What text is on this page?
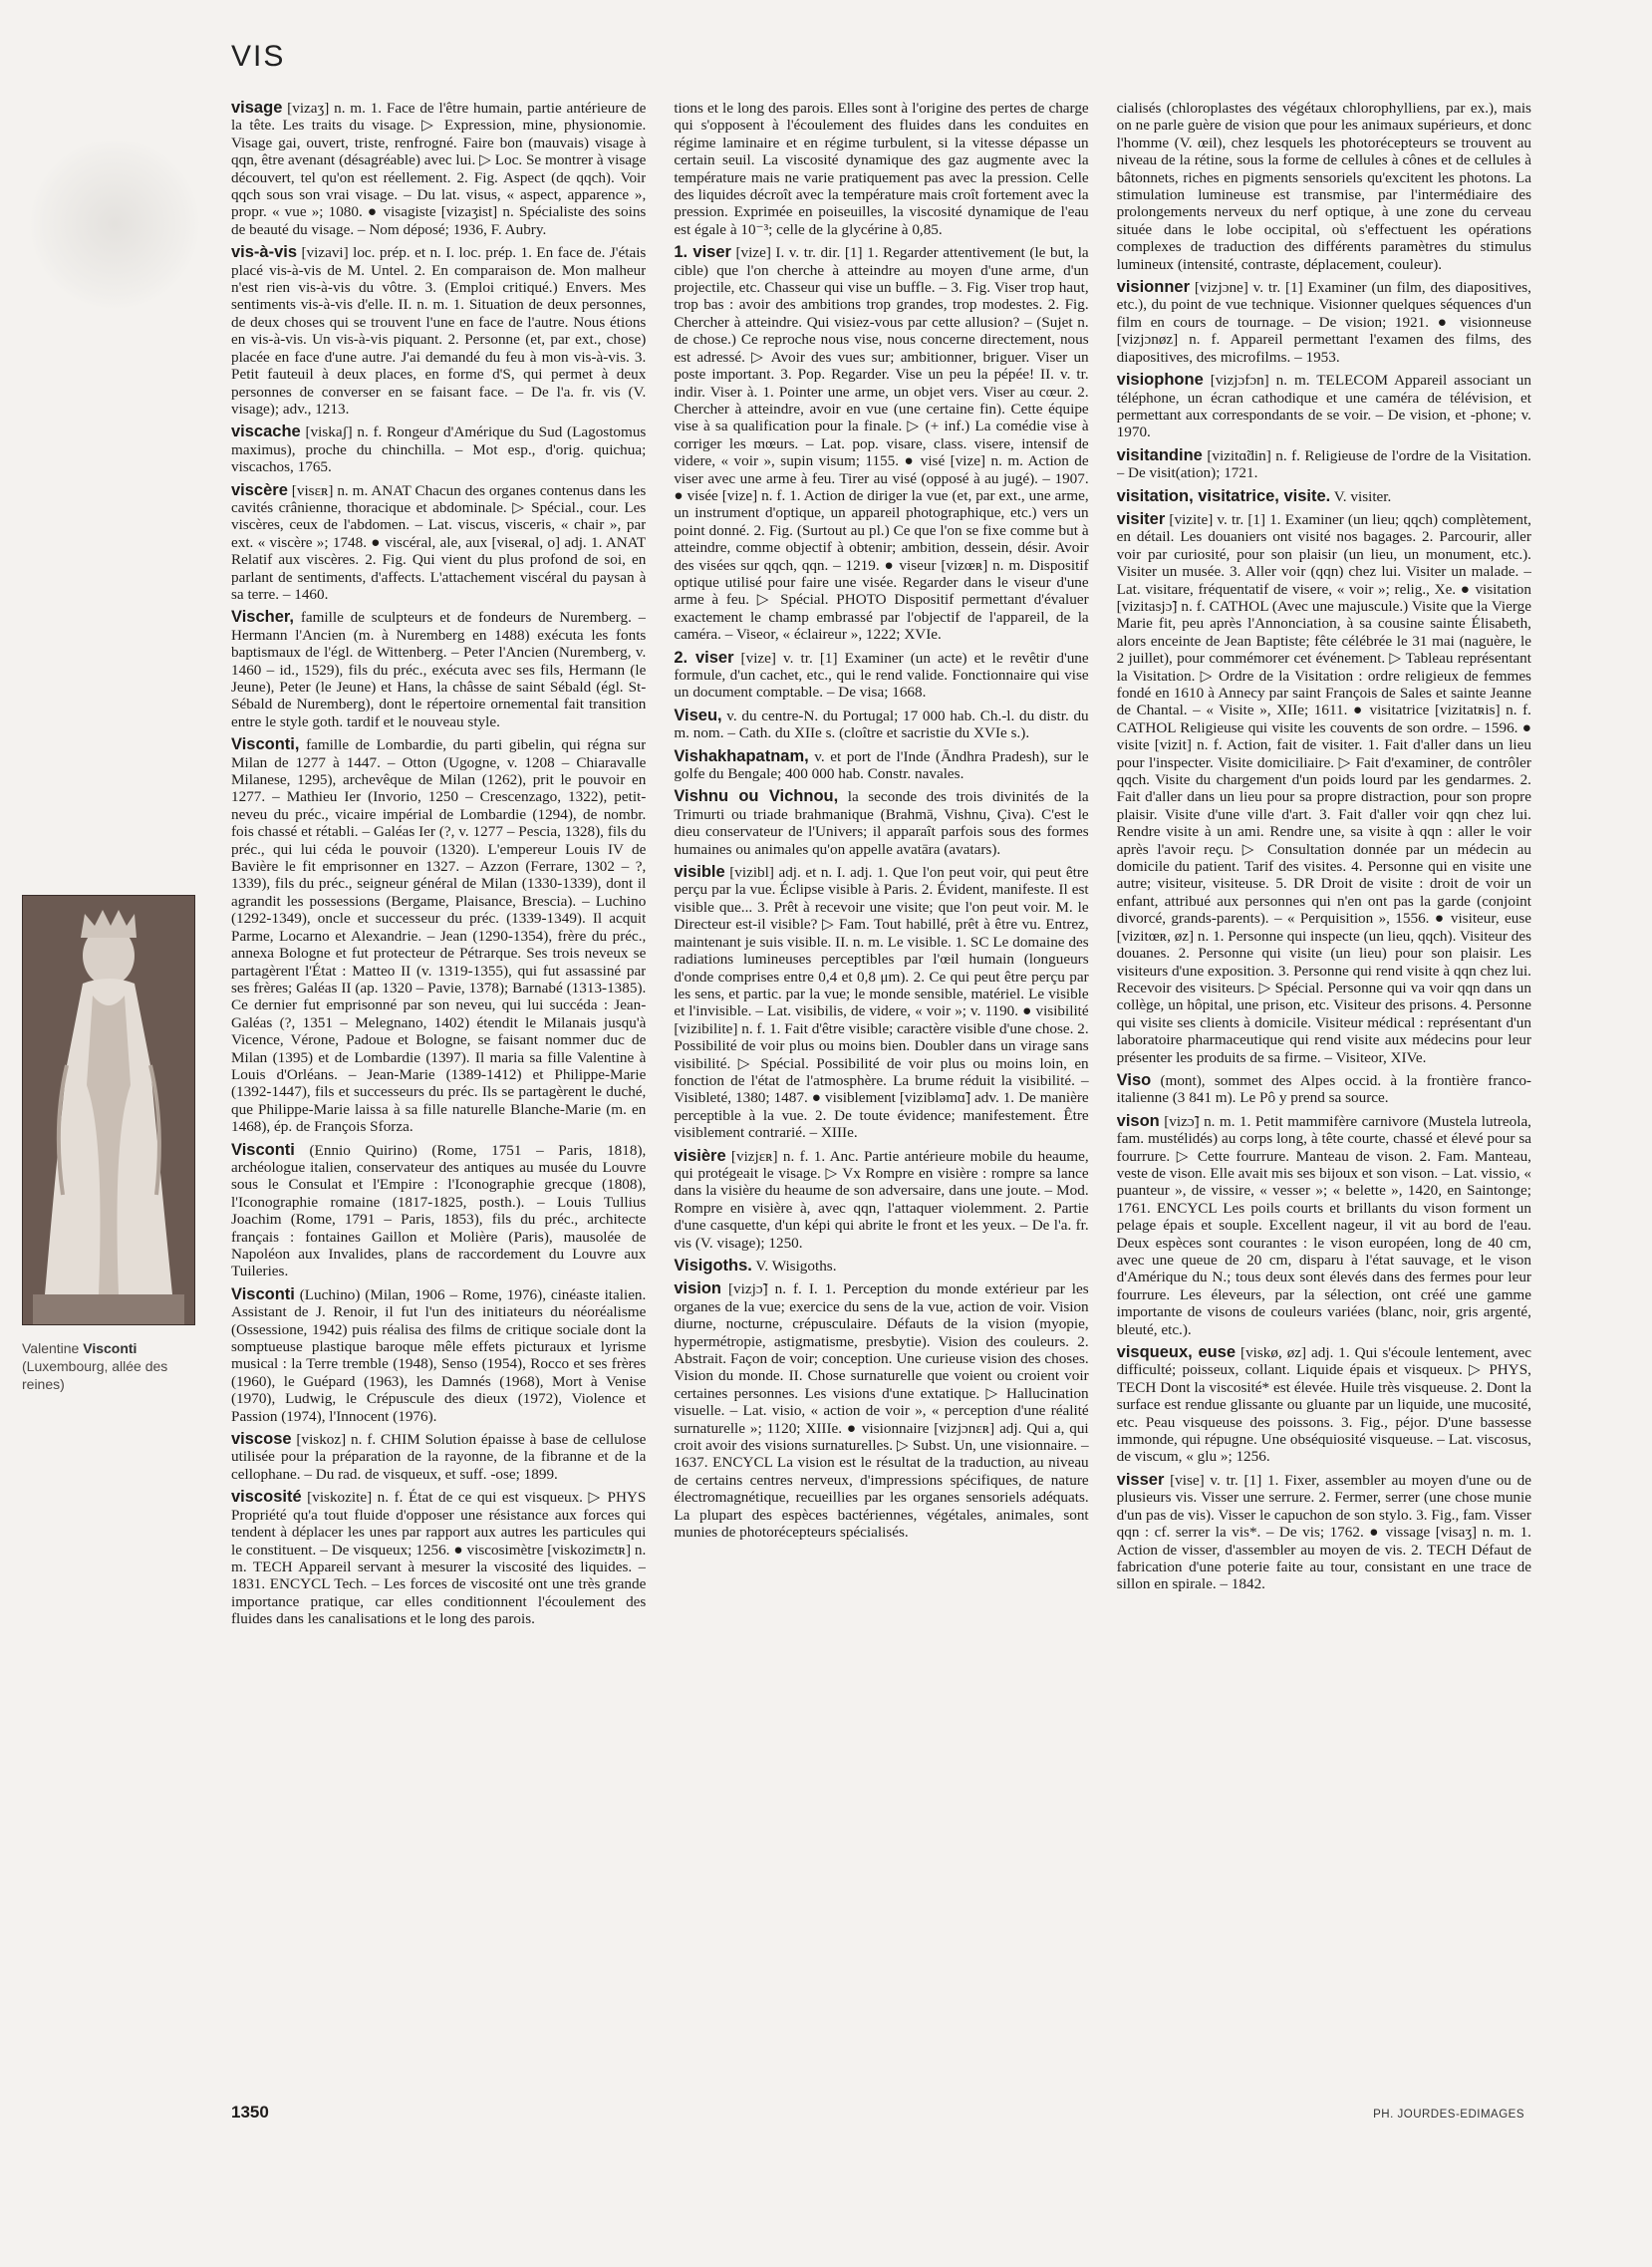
VIS
Valentine Visconti
(Luxembourg, allée des reines)

visage [vizaʒ] n. m. 1. Face de l'être humain, partie antérieure de la tête. Les traits du visage. ▷ Expression, mine, physionomie. Visage gai, ouvert, triste, renfrogné. Faire bon (mauvais) visage à qqn, être avenant (désagréable) avec lui. ▷ Loc. Se montrer à visage découvert, tel qu'on est réellement. 2. Fig. Aspect (de qqch). Voir qqch sous son vrai visage. – Du lat. visus, « aspect, apparence », propr. « vue »; 1080. ● visagiste [vizaʒist] n. Spécialiste des soins de beauté du visage. – Nom déposé; 1936, F. Aubry.

vis-à-vis [vizavi] loc. prép. et n. I. loc. prép. 1. En face de. J'étais placé vis-à-vis de M. Untel. 2. En comparaison de. Mon malheur n'est rien vis-à-vis du vôtre. 3. (Emploi critiqué.) Envers. Mes sentiments vis-à-vis d'elle. II. n. m. 1. Situation de deux personnes, de deux choses qui se trouvent l'une en face de l'autre. Nous étions en vis-à-vis. Un vis-à-vis piquant. 2. Personne (et, par ext., chose) placée en face d'une autre. J'ai demandé du feu à mon vis-à-vis. 3. Petit fauteuil à deux places, en forme d'S, qui permet à deux personnes de converser en se faisant face. – De l'a. fr. vis (V. visage); adv., 1213.

viscache [viskaʃ] n. f. Rongeur d'Amérique du Sud (Lagostomus maximus), proche du chinchilla. – Mot esp., d'orig. quichua; viscachos, 1765.

viscère [visɛʀ] n. m. ANAT Chacun des organes contenus dans les cavités crânienne, thoracique et abdominale. ▷ Spécial., cour. Les viscères, ceux de l'abdomen. – Lat. viscus, visceris, « chair », par ext. « viscère »; 1748. ● viscéral, ale, aux [viseʀal, o] adj. 1. ANAT Relatif aux viscères. 2. Fig. Qui vient du plus profond de soi, en parlant de sentiments, d'affects. L'attachement viscéral du paysan à sa terre. – 1460.

Vischer, famille de sculpteurs et de fondeurs de Nuremberg. – Hermann l'Ancien (m. à Nuremberg en 1488) exécuta les fonts baptismaux de l'égl. de Wittenberg. – Peter l'Ancien (Nuremberg, v. 1460 – id., 1529), fils du préc., exécuta avec ses fils, Hermann (le Jeune), Peter (le Jeune) et Hans, la châsse de saint Sébald (égl. St-Sébald de Nuremberg), dont le répertoire ornemental fait transition entre le style goth. tardif et le nouveau style.

Visconti, famille de Lombardie, du parti gibelin, qui régna sur Milan de 1277 à 1447. – Otton (Ugogne, v. 1208 – Chiaravalle Milanese, 1295), archevêque de Milan (1262), prit le pouvoir en 1277. – Mathieu Ier (Invorio, 1250 – Crescenzago, 1322), petit-neveu du préc., vicaire impérial de Lombardie (1294), de nombr. fois chassé et rétabli. – Galéas Ier (?, v. 1277 – Pescia, 1328), fils du préc., qui lui céda le pouvoir (1320). L'empereur Louis IV de Bavière le fit emprisonner en 1327. – Azzon (Ferrare, 1302 – ?, 1339), fils du préc., seigneur général de Milan (1330-1339), dont il agrandit les possessions (Bergame, Plaisance, Brescia). – Luchino (1292-1349), oncle et successeur du préc. (1339-1349). Il acquit Parme, Locarno et Alexandrie. – Jean (1290-1354), frère du préc., annexa Bologne et fut protecteur de Pétrarque. Ses trois neveux se partagèrent l'État : Matteo II (v. 1319-1355), qui fut assassiné par ses frères; Galéas II (ap. 1320 – Pavie, 1378); Barnabé (1313-1385). Ce dernier fut emprisonné par son neveu, qui lui succéda : Jean-Galéas (?, 1351 – Melegnano, 1402) étendit le Milanais jusqu'à Vicence, Vérone, Padoue et Bologne, se faisant nommer duc de Milan (1395) et de Lombardie (1397). Il maria sa fille Valentine à Louis d'Orléans. – Jean-Marie (1389-1412) et Philippe-Marie (1392-1447), fils et successeurs du préc. Ils se partagèrent le duché, que Philippe-Marie laissa à sa fille naturelle Blanche-Marie (m. en 1468), ép. de François Sforza.

Visconti (Ennio Quirino) (Rome, 1751 – Paris, 1818), archéologue italien, conservateur des antiques au musée du Louvre sous le Consulat et l'Empire : l'Iconographie grecque (1808), l'Iconographie romaine (1817-1825, posth.). – Louis Tullius Joachim (Rome, 1791 – Paris, 1853), fils du préc., architecte français : fontaines Gaillon et Molière (Paris), mausolée de Napoléon aux Invalides, plans de raccordement du Louvre aux Tuileries.

Visconti (Luchino) (Milan, 1906 – Rome, 1976), cinéaste italien. Assistant de J. Renoir, il fut l'un des initiateurs du néoréalisme (Ossessione, 1942) puis réalisa des films de critique sociale dont la somptueuse plastique baroque mêle effets picturaux et lyrisme musical : la Terre tremble (1948), Senso (1954), Rocco et ses frères (1960), le Guépard (1963), les Damnés (1968), Mort à Venise (1970), Ludwig, le Crépuscule des dieux (1972), Violence et Passion (1974), l'Innocent (1976).

viscose [viskoz] n. f. CHIM Solution épaisse à base de cellulose utilisée pour la préparation de la rayonne, de la fibranne et de la cellophane. – Du rad. de visqueux, et suff. -ose; 1899.

viscosité [viskozite] n. f. État de ce qui est visqueux. ▷ PHYS Propriété qu'a tout fluide d'opposer une résistance aux forces qui tendent à déplacer les unes par rapport aux autres les particules qui le constituent. – De visqueux; 1256. ● viscosimètre [viskozimɛtʀ] n. m. TECH Appareil servant à mesurer la viscosité des liquides. – 1831. ENCYCL Tech. – Les forces de viscosité ont une très grande importance pratique, car elles conditionnent l'écoulement des fluides dans les canalisations et le long des parois.

tions et le long des parois. Elles sont à l'origine des pertes de charge qui s'opposent à l'écoulement des fluides dans les conduites en régime laminaire et en régime turbulent, si la vitesse dépasse un certain seuil. La viscosité dynamique des gaz augmente avec la température mais ne varie pratiquement pas avec la pression. Celle des liquides décroît avec la température mais croît fortement avec la pression. Exprimée en poiseuilles, la viscosité dynamique de l'eau est égale à 10⁻³; celle de la glycérine à 0,85.

1. viser [vize] I. v. tr. dir. [1] 1. Regarder attentivement (le but, la cible) que l'on cherche à atteindre au moyen d'une arme, d'un projectile, etc. Chasseur qui vise un buffle. – 3. Fig. Viser trop haut, trop bas : avoir des ambitions trop grandes, trop modestes. 2. Fig. Chercher à atteindre. Qui visiez-vous par cette allusion? – (Sujet n. de chose.) Ce reproche nous vise, nous concerne directement, nous est adressé. ▷ Avoir des vues sur; ambitionner, briguer. Viser un poste important. 3. Pop. Regarder. Vise un peu la pépée! II. v. tr. indir. Viser à. 1. Pointer une arme, un objet vers. Viser au cœur. 2. Chercher à atteindre, avoir en vue (une certaine fin). Cette équipe vise à sa qualification pour la finale. ▷ (+ inf.) La comédie vise à corriger les mœurs. – Lat. pop. visare, class. visere, intensif de videre, « voir », supin visum; 1155. ● visé [vize] n. m. Action de viser avec une arme à feu. Tirer au visé (opposé à au jugé). – 1907. ● visée [vize] n. f. 1. Action de diriger la vue (et, par ext., une arme, un instrument d'optique, un appareil photographique, etc.) vers un point donné. 2. Fig. (Surtout au pl.) Ce que l'on se fixe comme but à atteindre, comme objectif à obtenir; ambition, dessein, désir. Avoir des visées sur qqch, qqn. – 1219. ● viseur [vizœʀ] n. m. Dispositif optique utilisé pour faire une visée. Regarder dans le viseur d'une arme à feu. ▷ Spécial. PHOTO Dispositif permettant d'évaluer exactement le champ embrassé par l'objectif de l'appareil, de la caméra. – Viseor, « éclaireur », 1222; XVIe.

2. viser [vize] v. tr. [1] Examiner (un acte) et le revêtir d'une formule, d'un cachet, etc., qui le rend valide. Fonctionnaire qui vise un document comptable. – De visa; 1668.

Viseu, v. du centre-N. du Portugal; 17 000 hab. Ch.-l. du distr. du m. nom. – Cath. du XIIe s. (cloître et sacristie du XVIe s.).

Vishakhapatnam, v. et port de l'Inde (Āndhra Pradesh), sur le golfe du Bengale; 400 000 hab. Constr. navales.

Vishnu ou Vichnou, la seconde des trois divinités de la Trimurti ou triade brahmanique (Brahmā, Vishnu, Çiva). C'est le dieu conservateur de l'Univers; il apparaît parfois sous des formes humaines ou animales qu'on appelle avatāra (avatars).

visible [vizibl] adj. et n. I. adj. 1. Que l'on peut voir, qui peut être perçu par la vue. Éclipse visible à Paris. 2. Évident, manifeste. Il est visible que... 3. Prêt à recevoir une visite; que l'on peut voir. M. le Directeur est-il visible? ▷ Fam. Tout habillé, prêt à être vu. Entrez, maintenant je suis visible. II. n. m. Le visible. 1. SC Le domaine des radiations lumineuses perceptibles par l'œil humain (longueurs d'onde comprises entre 0,4 et 0,8 μm). 2. Ce qui peut être perçu par les sens, et partic. par la vue; le monde sensible, matériel. Le visible et l'invisible. – Lat. visibilis, de videre, « voir »; v. 1190. ● visibilité [vizibilite] n. f. 1. Fait d'être visible; caractère visible d'une chose. 2. Possibilité de voir plus ou moins bien. Doubler dans un virage sans visibilité. ▷ Spécial. Possibilité de voir plus ou moins loin, en fonction de l'état de l'atmosphère. La brume réduit la visibilité. – Visibleté, 1380; 1487. ● visiblement [viziblәmɑ̃] adv. 1. De manière perceptible à la vue. 2. De toute évidence; manifestement. Être visiblement contrarié. – XIIIe.

visière [vizjɛʀ] n. f. 1. Anc. Partie antérieure mobile du heaume, qui protégeait le visage. ▷ Vx Rompre en visière : rompre sa lance dans la visière du heaume de son adversaire, dans une joute. – Mod. Rompre en visière à, avec qqn, l'attaquer violemment. 2. Partie d'une casquette, d'un képi qui abrite le front et les yeux. – De l'a. fr. vis (V. visage); 1250.

Visigoths. V. Wisigoths.

vision [vizjɔ̃] n. f. I. 1. Perception du monde extérieur par les organes de la vue; exercice du sens de la vue, action de voir. Vision diurne, nocturne, crépusculaire. Défauts de la vision (myopie, hypermétropie, astigmatisme, presbytie). Vision des couleurs. 2. Abstrait. Façon de voir; conception. Une curieuse vision des choses. Vision du monde. II. Chose surnaturelle que voient ou croient voir certaines personnes. Les visions d'une extatique. ▷ Hallucination visuelle. – Lat. visio, « action de voir », « perception d'une réalité surnaturelle »; 1120; XIIIe. ● visionnaire [vizjɔnɛʀ] adj. Qui a, qui croit avoir des visions surnaturelles. ▷ Subst. Un, une visionnaire. – 1637. ENCYCL La vision est le résultat de la traduction, au niveau de certains centres nerveux, d'impressions spécifiques, de nature électromagnétique, recueillies par les organes sensoriels adéquats. La plupart des espèces bactériennes, végétales, animales, sont munies de photorécepteurs spécialisés.

cialisés (chloroplastes des végétaux chlorophylliens, par ex.), mais on ne parle guère de vision que pour les animaux supérieurs, et donc l'homme (V. œil), chez lesquels les photorécepteurs se trouvent au niveau de la rétine, sous la forme de cellules à cônes et de cellules à bâtonnets, riches en pigments sensoriels qu'excitent les photons. La stimulation lumineuse est transmise, par l'intermédiaire des prolongements nerveux du nerf optique, à une zone du cerveau située dans le lobe occipital, où s'effectuent les opérations complexes de traduction des différents paramètres du stimulus lumineux (intensité, contraste, déplacement, couleur).

visionner [vizjɔne] v. tr. [1] Examiner (un film, des diapositives, etc.), du point de vue technique. Visionner quelques séquences d'un film en cours de tournage. – De vision; 1921. ● visionneuse [vizjɔnøz] n. f. Appareil permettant l'examen des films, des diapositives, des microfilms. – 1953.

visiophone [vizjɔfɔn] n. m. TELECOM Appareil associant un téléphone, un écran cathodique et une caméra de télévision, et permettant aux correspondants de se voir. – De vision, et -phone; v. 1970.

visitandine [vizitɑ̃din] n. f. Religieuse de l'ordre de la Visitation. – De visit(ation); 1721.

visitation, visitatrice, visite. V. visiter.

visiter [vizite] v. tr. [1] 1. Examiner (un lieu; qqch) complètement, en détail. Les douaniers ont visité nos bagages. 2. Parcourir, aller voir par curiosité, pour son plaisir (un lieu, un monument, etc.). Visiter un musée. 3. Aller voir (qqn) chez lui. Visiter un malade. – Lat. visitare, fréquentatif de visere, « voir »; relig., Xe. ● visitation [vizitasjɔ̃] n. f. CATHOL (Avec une majuscule.) Visite que la Vierge Marie fit, peu après l'Annonciation, à sa cousine sainte Élisabeth, alors enceinte de Jean Baptiste; fête célébrée le 31 mai (naguère, le 2 juillet), pour commémorer cet événement. ▷ Tableau représentant la Visitation. ▷ Ordre de la Visitation : ordre religieux de femmes fondé en 1610 à Annecy par saint François de Sales et sainte Jeanne de Chantal. – « Visite », XIIe; 1611. ● visitatrice [vizitatʀis] n. f. CATHOL Religieuse qui visite les couvents de son ordre. – 1596. ● visite [vizit] n. f. Action, fait de visiter. 1. Fait d'aller dans un lieu pour l'inspecter. Visite domiciliaire. ▷ Fait d'examiner, de contrôler qqch. Visite du chargement d'un poids lourd par les gendarmes. 2. Fait d'aller dans un lieu pour sa propre distraction, pour son propre plaisir. Visite d'une ville d'art. 3. Fait d'aller voir qqn chez lui. Rendre visite à un ami. Rendre une, sa visite à qqn : aller le voir après l'avoir reçu. ▷ Consultation donnée par un médecin au domicile du patient. Tarif des visites. 4. Personne qui en visite une autre; visiteur, visiteuse. 5. DR Droit de visite : droit de voir un enfant, attribué aux personnes qui n'en ont pas la garde (conjoint divorcé, grands-parents). – « Perquisition », 1556. ● visiteur, euse [vizitœʀ, øz] n. 1. Personne qui inspecte (un lieu, qqch). Visiteur des douanes. 2. Personne qui visite (un lieu) pour son plaisir. Les visiteurs d'une exposition. 3. Personne qui rend visite à qqn chez lui. Recevoir des visiteurs. ▷ Spécial. Personne qui va voir qqn dans un collège, un hôpital, une prison, etc. Visiteur des prisons. 4. Personne qui visite ses clients à domicile. Visiteur médical : représentant d'un laboratoire pharmaceutique qui rend visite aux médecins pour leur présenter les produits de sa firme. – Visiteor, XIVe.

Viso (mont), sommet des Alpes occid. à la frontière franco-italienne (3 841 m). Le Pô y prend sa source.

vison [vizɔ̃] n. m. 1. Petit mammifère carnivore (Mustela lutreola, fam. mustélidés) au corps long, à tête courte, chassé et élevé pour sa fourrure. ▷ Cette fourrure. Manteau de vison. 2. Fam. Manteau, veste de vison. Elle avait mis ses bijoux et son vison. – Lat. vissio, « puanteur », de vissire, « vesser »; « belette », 1420, en Saintonge; 1761. ENCYCL Les poils courts et brillants du vison forment un pelage épais et souple. Excellent nageur, il vit au bord de l'eau. Deux espèces sont courantes : le vison européen, long de 40 cm, avec une queue de 20 cm, disparu à l'état sauvage, et le vison d'Amérique du N.; tous deux sont élevés dans des fermes pour leur fourrure. Les éleveurs, par la sélection, ont créé une gamme importante de visons de couleurs variées (blanc, noir, gris argenté, bleuté, etc.).

visqueux, euse [viskø, øz] adj. 1. Qui s'écoule lentement, avec difficulté; poisseux, collant. Liquide épais et visqueux. ▷ PHYS, TECH Dont la viscosité* est élevée. Huile très visqueuse. 2. Dont la surface est rendue glissante ou gluante par un liquide, une mucosité, etc. Peau visqueuse des poissons. 3. Fig., péjor. D'une bassesse immonde, qui répugne. Une obséquiosité visqueuse. – Lat. viscosus, de viscum, « glu »; 1256.

visser [vise] v. tr. [1] 1. Fixer, assembler au moyen d'une ou de plusieurs vis. Visser une serrure. 2. Fermer, serrer (une chose munie d'un pas de vis). Visser le capuchon de son stylo. 3. Fig., fam. Visser qqn : cf. serrer la vis*. – De vis; 1762. ● vissage [visaʒ] n. m. 1. Action de visser, d'assembler au moyen de vis. 2. TECH Défaut de fabrication d'une poterie faite au tour, consistant en une trace de sillon en spirale. – 1842.

1350	PH. JOURDES-EDIMAGES
